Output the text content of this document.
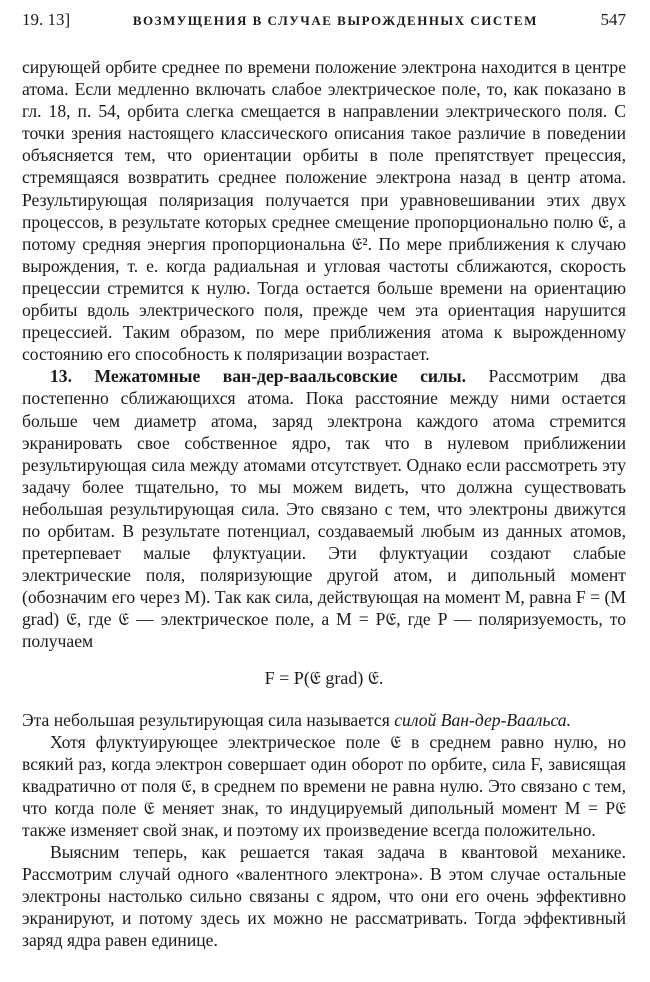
19. 13]	ВОЗМУЩЕНИЯ В СЛУЧАЕ ВЫРОЖДЕННЫХ СИСТЕМ	547

сирующей орбите среднее по времени положение электрона находится в центре атома. Если медленно включать слабое электрическое поле, то, как показано в гл. 18, п. 54, орбита слегка смещается в направлении электрического поля. С точки зрения настоящего классического описания такое различие в поведении объясняется тем, что ориентации орбиты в поле препятствует прецессия, стремящаяся возвратить среднее положение электрона назад в центр атома. Результирующая поляризация получается при уравновешивании этих двух процессов, в результате которых среднее смещение пропорционально полю 𝔈, а потому средняя энергия пропорциональна 𝔈². По мере приближения к случаю вырождения, т. е. когда радиальная и угловая частоты сближаются, скорость прецессии стремится к нулю. Тогда остается больше времени на ориентацию орбиты вдоль электрического поля, прежде чем эта ориентация нарушится прецессией. Таким образом, по мере приближения атома к вырожденному состоянию его способность к поляризации возрастает.

13. Межатомные ван-дер-ваальсовские силы. Рассмотрим два постепенно сближающихся атома. Пока расстояние между ними остается больше чем диаметр атома, заряд электрона каждого атома стремится экранировать свое собственное ядро, так что в нулевом приближении результирующая сила между атомами отсутствует. Однако если рассмотреть эту задачу более тщательно, то мы можем видеть, что должна существовать небольшая результирующая сила. Это связано с тем, что электроны движутся по орбитам. В результате потенциал, создаваемый любым из данных атомов, претерпевает малые флуктуации. Эти флуктуации создают слабые электрические поля, поляризующие другой атом, и дипольный момент (обозначим его через M). Так как сила, действующая на момент M, равна F = (M grad) 𝔈, где 𝔈 — электрическое поле, а M = P𝔈, где P — поляризуемость, то получаем

F = P(𝔈 grad) 𝔈.

Эта небольшая результирующая сила называется силой Ван-дер-Ваальса.

Хотя флуктуирующее электрическое поле 𝔈 в среднем равно нулю, но всякий раз, когда электрон совершает один оборот по орбите, сила F, зависящая квадратично от поля 𝔈, в среднем по времени не равна нулю. Это связано с тем, что когда поле 𝔈 меняет знак, то индуцируемый дипольный момент M = P𝔈 также изменяет свой знак, и поэтому их произведение всегда положительно.

Выясним теперь, как решается такая задача в квантовой механике. Рассмотрим случай одного «валентного электрона». В этом случае остальные электроны настолько сильно связаны с ядром, что они его очень эффективно экранируют, и потому здесь их можно не рассматривать. Тогда эффективный заряд ядра равен единице.
